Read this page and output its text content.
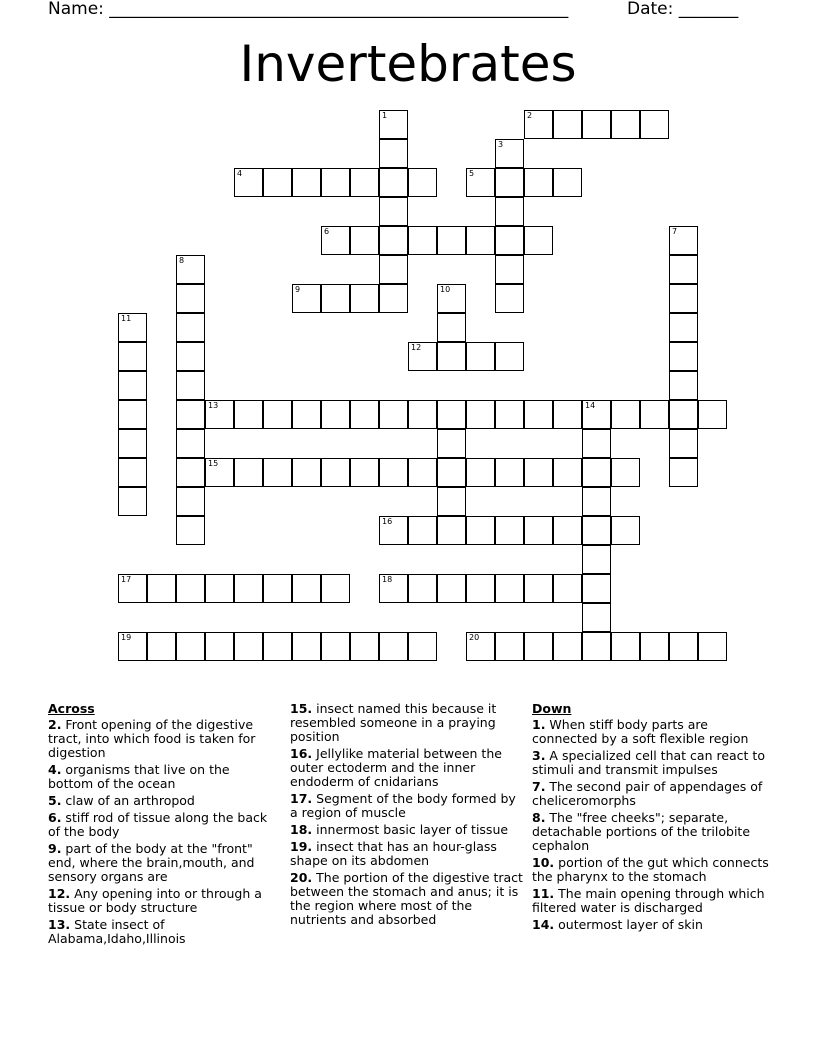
Name: ______________________________________________________	Date: _______
Invertebrates
1	2
3
4	5
6	7
8
9	10
11
12
13	14
15
16
17	18
19	20
Across
2. Front opening of the digestive tract, into which food is taken for digestion
4. organisms that live on the bottom of the ocean
5. claw of an arthropod
6. stiff rod of tissue along the back of the body
9. part of the body at the "front" end, where the brain,mouth, and sensory organs are
12. Any opening into or through a tissue or body structure
13. State insect of Alabama,Idaho,Illinois
15. insect named this because it resembled someone in a praying position
16. Jellylike material between the outer ectoderm and the inner endoderm of cnidarians
17. Segment of the body formed by a region of muscle
18. innermost basic layer of tissue
19. insect that has an hour-glass shape on its abdomen
20. The portion of the digestive tract between the stomach and anus; it is the region where most of the nutrients and absorbed
Down
1. When stiff body parts are connected by a soft flexible region
3. A specialized cell that can react to stimuli and transmit impulses
7. The second pair of appendages of cheliceromorphs
8. The "free cheeks"; separate, detachable portions of the trilobite cephalon
10. portion of the gut which connects the pharynx to the stomach
11. The main opening through which filtered water is discharged
14. outermost layer of skin
